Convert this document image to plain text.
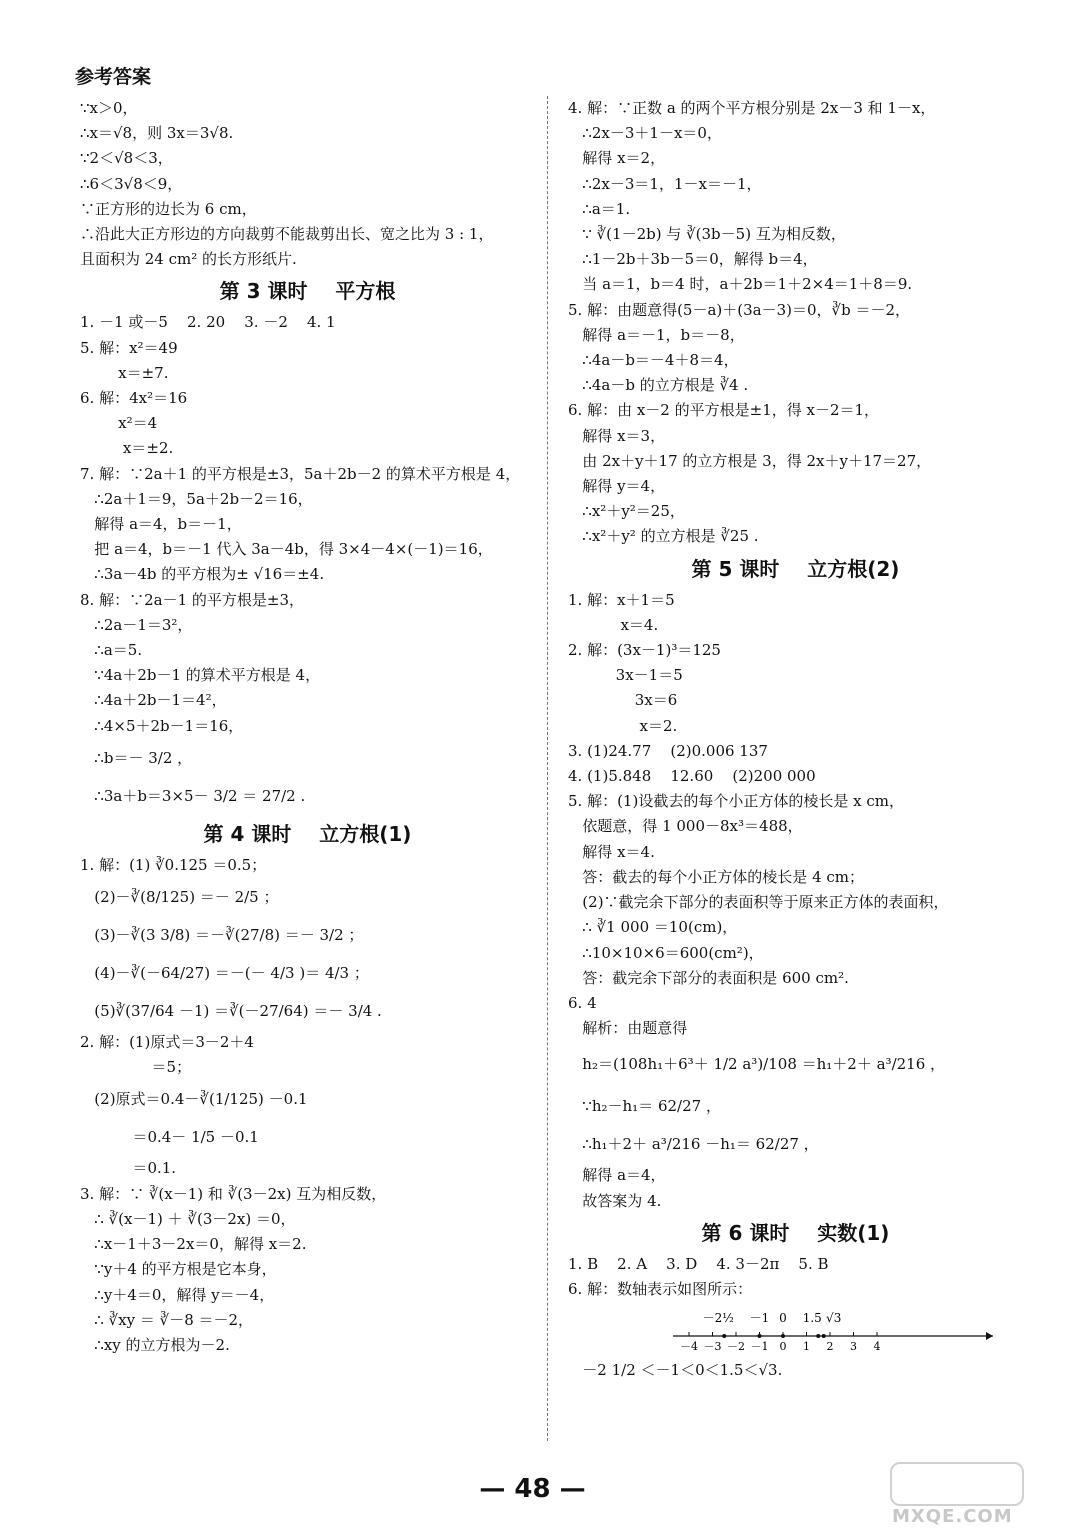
参考答案
∵x＞0，
∴x＝√8，则 3x＝3√8.
∵2＜√8＜3，
∴6＜3√8＜9，
∵正方形的边长为 6 cm，
∴沿此大正方形边的方向裁剪不能裁剪出长、宽之比为 3 : 1，
且面积为 24 cm² 的长方形纸片.
第 3 课时    平方根
1. －1 或－5    2. 20    3. －2    4. 1
5. 解：x²＝49
x＝±7.
6. 解：4x²＝16
x²＝4
x＝±2.
7. 解：∵2a＋1 的平方根是±3，5a＋2b－2 的算术平方根是 4，
∴2a＋1＝9，5a＋2b－2＝16，
解得 a＝4，b＝－1，
把 a＝4，b＝－1 代入 3a－4b，得 3×4－4×(－1)＝16，
∴3a－4b 的平方根为± √16＝±4.
8. 解：∵2a－1 的平方根是±3，
∴2a－1＝3²，
∴a＝5.
∵4a＋2b－1 的算术平方根是 4，
∴4a＋2b－1＝4²，
∴4×5＋2b－1＝16，
∴b＝－ 3/2 ，
∴3a＋b＝3×5－ 3/2 ＝ 27/2 .
第 4 课时    立方根(1)
1. 解：(1) ∛0.125 ＝0.5；
(2)－∛(8/125) ＝－ 2/5 ；
(3)－∛(3 3/8) ＝－∛(27/8) ＝－ 3/2 ；
(4)－∛(－64/27) ＝－(－ 4/3 )＝ 4/3 ；
(5)∛(37/64 －1) ＝∛(－27/64) ＝－ 3/4 .
2. 解：(1)原式＝3－2＋4
＝5；
(2)原式＝0.4－∛(1/125) －0.1
＝0.4－ 1/5 －0.1
＝0.1.
3. 解：∵ ∛(x－1) 和 ∛(3－2x) 互为相反数，
∴ ∛(x－1) ＋ ∛(3－2x) ＝0，
∴x－1＋3－2x＝0，解得 x＝2.
∵y＋4 的平方根是它本身，
∴y＋4＝0，解得 y＝－4，
∴ ∛xy ＝ ∛－8 ＝－2，
∴xy 的立方根为－2.
4. 解：∵正数 a 的两个平方根分别是 2x－3 和 1－x，
∴2x－3＋1－x＝0，
解得 x＝2，
∴2x－3＝1，1－x＝－1，
∴a＝1.
∵ ∛(1－2b) 与 ∛(3b－5) 互为相反数，
∴1－2b＋3b－5＝0，解得 b＝4，
当 a＝1，b＝4 时，a＋2b＝1＋2×4＝1＋8＝9.
5. 解：由题意得(5－a)＋(3a－3)＝0，∛b ＝－2，
解得 a＝－1，b＝－8，
∴4a－b＝－4＋8＝4，
∴4a－b 的立方根是 ∛4 .
6. 解：由 x－2 的平方根是±1，得 x－2＝1，
解得 x＝3，
由 2x＋y＋17 的立方根是 3，得 2x＋y＋17＝27，
解得 y＝4，
∴x²＋y²＝25，
∴x²＋y² 的立方根是 ∛25 .
第 5 课时    立方根(2)
1. 解：x＋1＝5
x＝4.
2. 解：(3x－1)³＝125
3x－1＝5
3x＝6
x＝2.
3. (1)24.77    (2)0.006 137
4. (1)5.848    12.60    (2)200 000
5. 解：(1)设截去的每个小正方体的棱长是 x cm，
依题意，得 1 000－8x³＝488，
解得 x＝4.
答：截去的每个小正方体的棱长是 4 cm；
(2)∵截完余下部分的表面积等于原来正方体的表面积，
∴ ∛1 000 ＝10(cm)，
∴10×10×6＝600(cm²)，
答：截完余下部分的表面积是 600 cm².
6. 4
解析：由题意得
h₂＝(108h₁＋6³＋ 1/2 a³)/108 ＝h₁＋2＋ a³/216 ，
∵h₂－h₁＝ 62/27 ，
∴h₁＋2＋ a³/216 －h₁＝ 62/27 ，
解得 a＝4，
故答案为 4.
第 6 课时    实数(1)
1. B    2. A    3. D    4. 3－2π    5. B
6. 解：数轴表示如图所示：
－4 －3 －2 －1 0 1 2 3 4
－2½ －1 0 1.5 √3
－2 1/2 ＜－1＜0＜1.5＜√3.
— 48 —
MXQE.COM
